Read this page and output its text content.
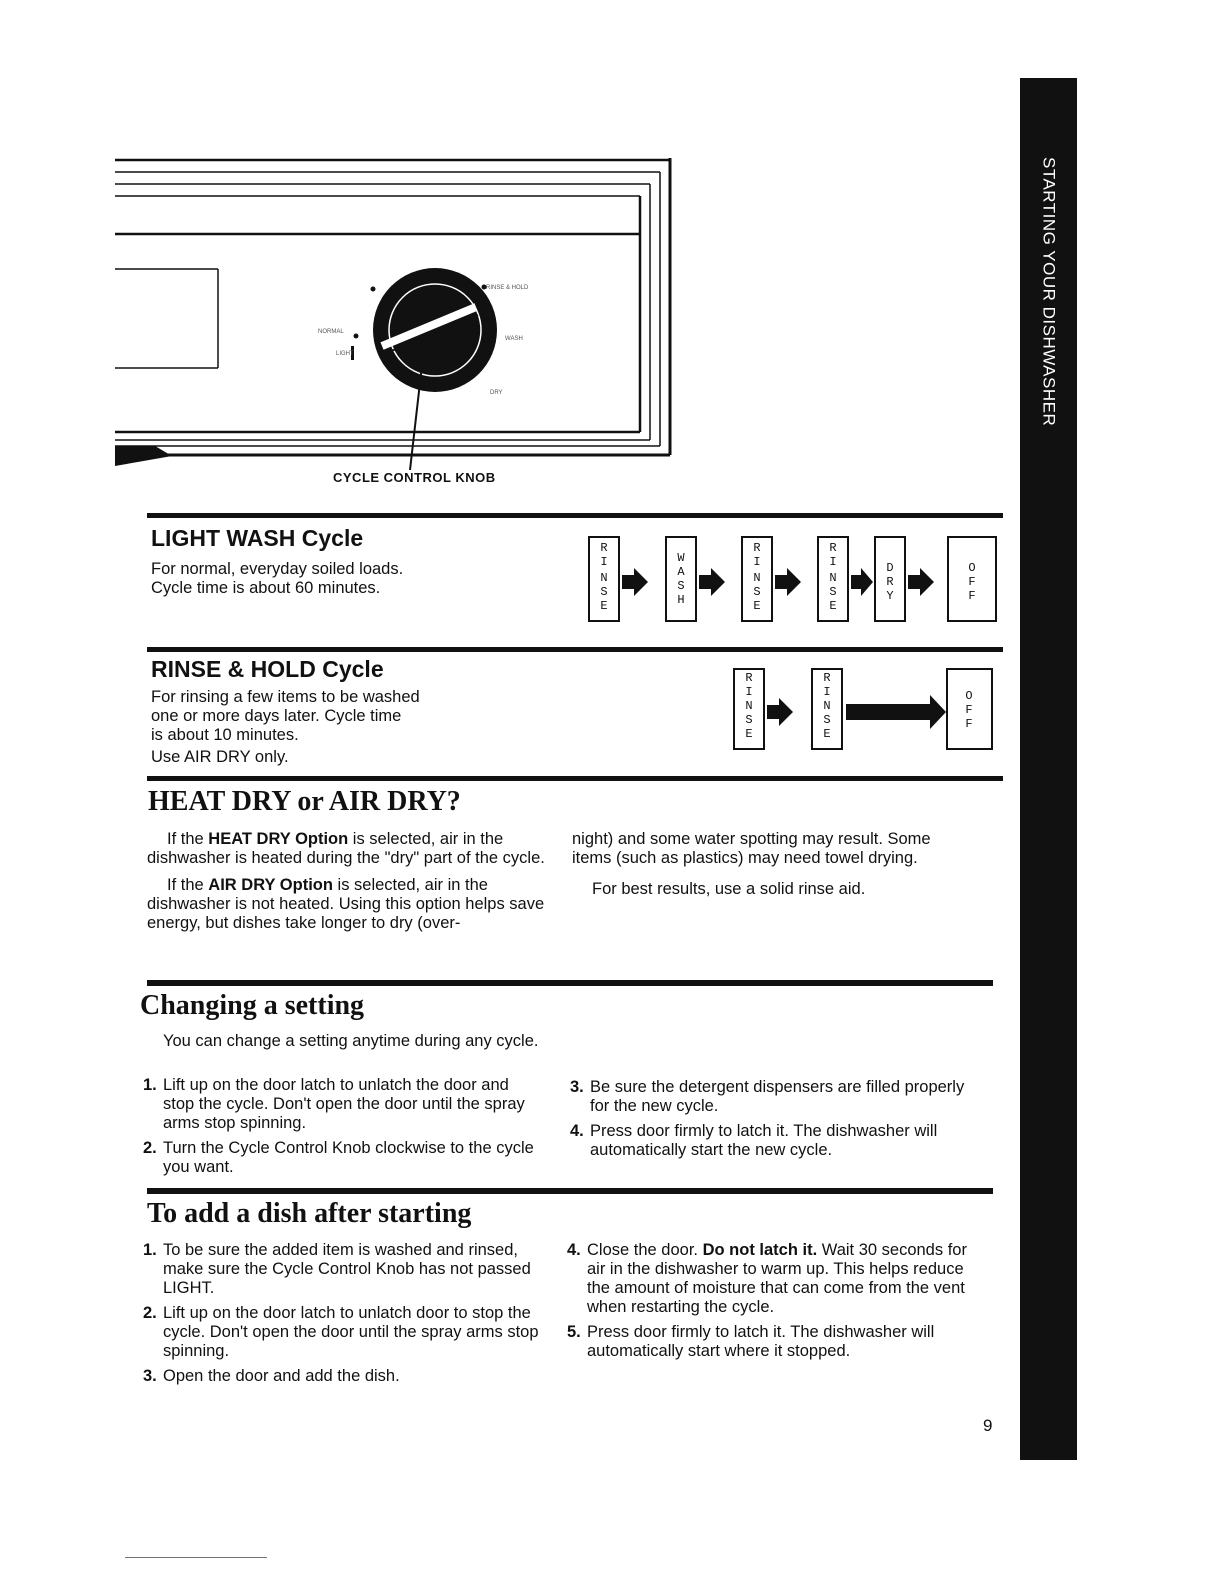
STARTING YOUR DISHWASHER
RINSE & HOLD
WASH
DRY
NORMAL
LIGHT
CYCLE CONTROL KNOB
LIGHT WASH Cycle

For normal, everyday soiled loads.

Cycle time is about 60 minutes.

R
I
N
S
E
W
A
S
H
R
I
N
S
E
R
I
N
S
E
D
R
Y
O
F
F
RINSE & HOLD Cycle

For rinsing a few items to be washed

one or more days later. Cycle time

is about 10 minutes.

Use AIR DRY only.

R
I
N
S
E
R
I
N
S
E
O
F
F
HEAT DRY or AIR DRY?

If the HEAT DRY Option is selected, air in the dishwasher is heated during the "dry" part of the cycle.

If the AIR DRY Option is selected, air in the dishwasher is not heated. Using this option helps save energy, but dishes take longer to dry (over-

night) and some water spotting may result. Some items (such as plastics) may need towel drying.

For best results, use a solid rinse aid.

Changing a setting
You can change a setting anytime during any cycle.
1. Lift up on the door latch to unlatch the door and stop the cycle. Don't open the door until the spray arms stop spinning.
2. Turn the Cycle Control Knob clockwise to the cycle you want.
3. Be sure the detergent dispensers are filled properly for the new cycle.
4. Press door firmly to latch it. The dishwasher will automatically start the new cycle.
To add a dish after starting
1. To be sure the added item is washed and rinsed, make sure the Cycle Control Knob has not passed LIGHT.
2. Lift up on the door latch to unlatch door to stop the cycle. Don't open the door until the spray arms stop spinning.
3. Open the door and add the dish.
4. Close the door. Do not latch it. Wait 30 seconds for air in the dishwasher to warm up. This helps reduce the amount of moisture that can come from the vent when restarting the cycle.
5. Press door firmly to latch it. The dishwasher will automatically start where it stopped.
9
